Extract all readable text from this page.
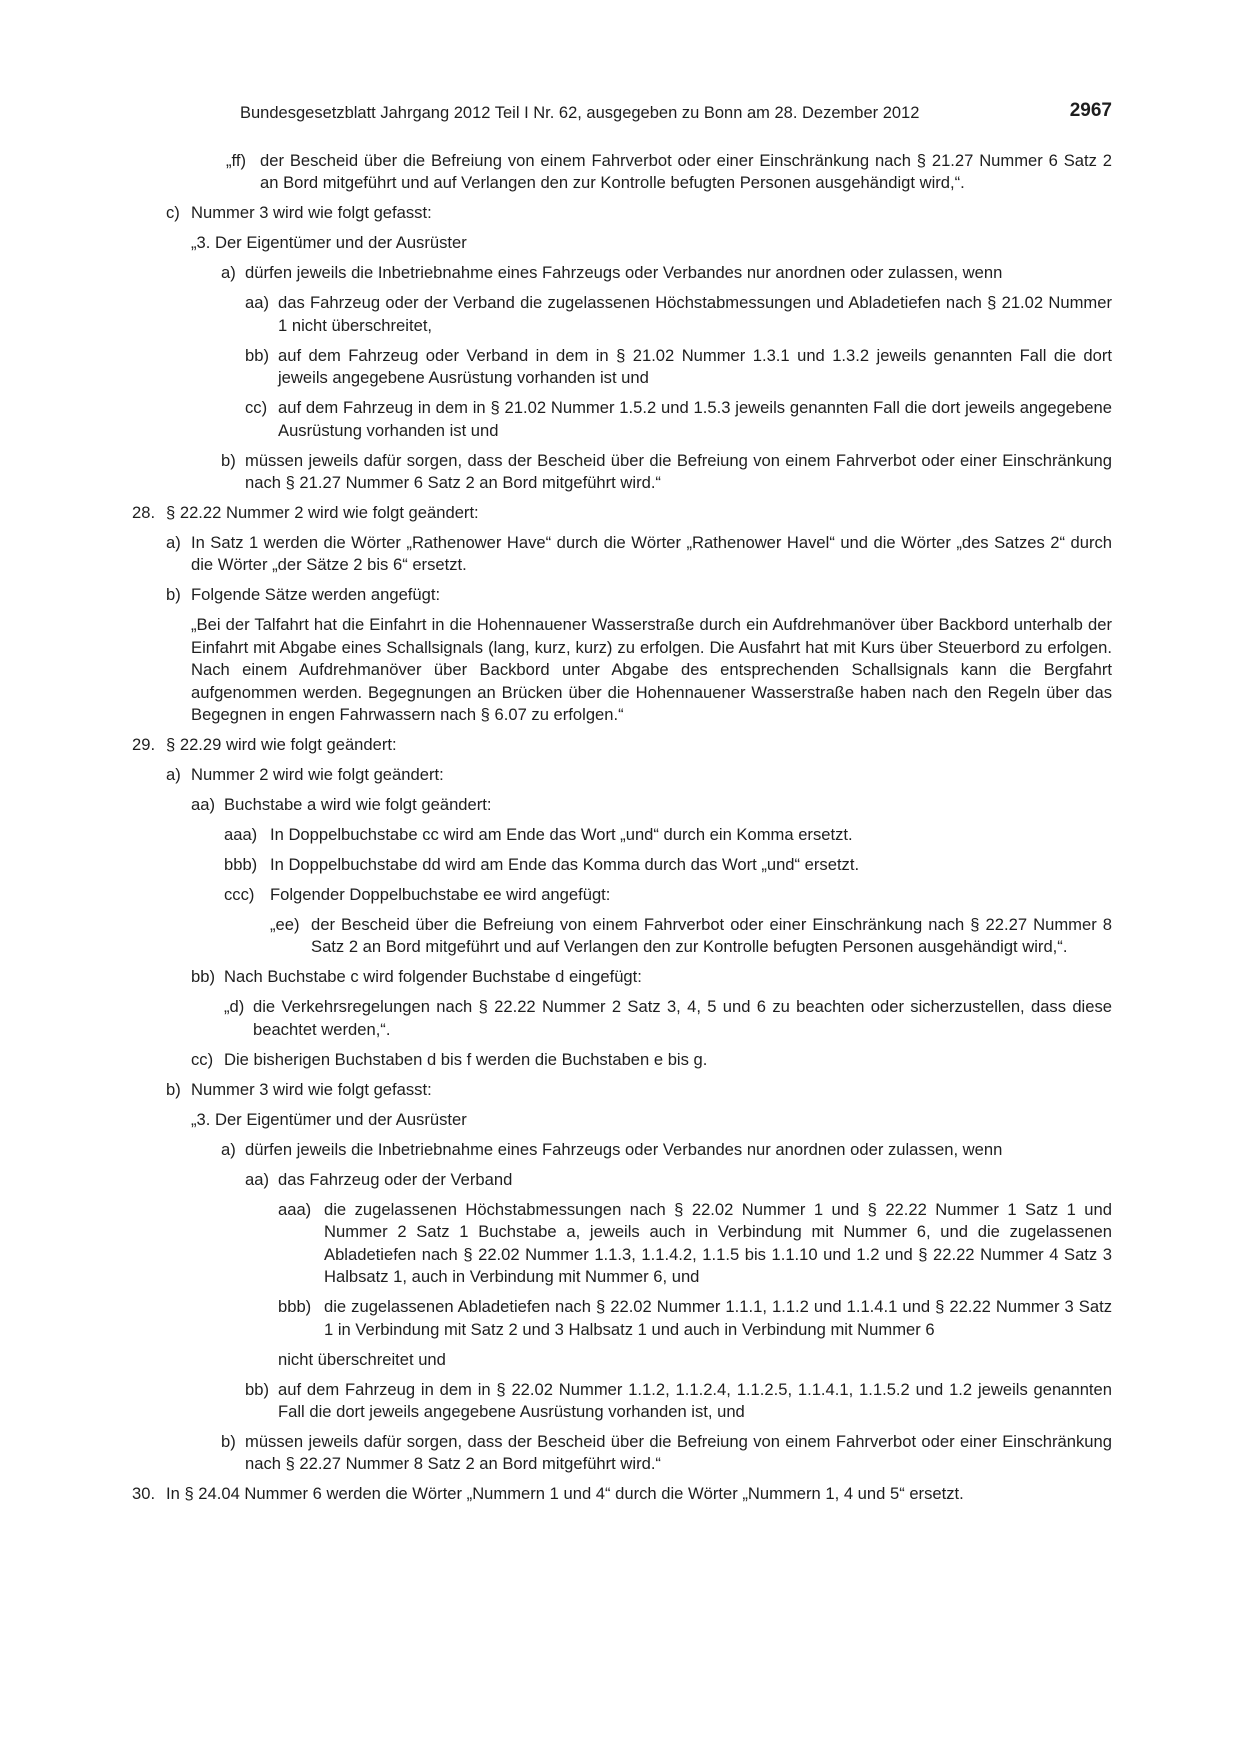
Bundesgesetzblatt Jahrgang 2012 Teil I Nr. 62, ausgegeben zu Bonn am 28. Dezember 2012	2967
„ff) der Bescheid über die Befreiung von einem Fahrverbot oder einer Einschränkung nach § 21.27 Nummer 6 Satz 2 an Bord mitgeführt und auf Verlangen den zur Kontrolle befugten Personen ausgehändigt wird,“.
c) Nummer 3 wird wie folgt gefasst:
„3. Der Eigentümer und der Ausrüster
a) dürfen jeweils die Inbetriebnahme eines Fahrzeugs oder Verbandes nur anordnen oder zulassen, wenn
aa) das Fahrzeug oder der Verband die zugelassenen Höchstabmessungen und Abladetiefen nach § 21.02 Nummer 1 nicht überschreitet,
bb) auf dem Fahrzeug oder Verband in dem in § 21.02 Nummer 1.3.1 und 1.3.2 jeweils genannten Fall die dort jeweils angegebene Ausrüstung vorhanden ist und
cc) auf dem Fahrzeug in dem in § 21.02 Nummer 1.5.2 und 1.5.3 jeweils genannten Fall die dort jeweils angegebene Ausrüstung vorhanden ist und
b) müssen jeweils dafür sorgen, dass der Bescheid über die Befreiung von einem Fahrverbot oder einer Einschränkung nach § 21.27 Nummer 6 Satz 2 an Bord mitgeführt wird.“
28. § 22.22 Nummer 2 wird wie folgt geändert:
a) In Satz 1 werden die Wörter „Rathenower Have“ durch die Wörter „Rathenower Havel“ und die Wörter „des Satzes 2“ durch die Wörter „der Sätze 2 bis 6“ ersetzt.
b) Folgende Sätze werden angefügt:
„Bei der Talfahrt hat die Einfahrt in die Hohennauener Wasserstraße durch ein Aufdrehmanöver über Backbord unterhalb der Einfahrt mit Abgabe eines Schallsignals (lang, kurz, kurz) zu erfolgen. Die Ausfahrt hat mit Kurs über Steuerbord zu erfolgen. Nach einem Aufdrehmanöver über Backbord unter Abgabe des entsprechenden Schallsignals kann die Bergfahrt aufgenommen werden. Begegnungen an Brücken über die Hohennauener Wasserstraße haben nach den Regeln über das Begegnen in engen Fahrwassern nach § 6.07 zu erfolgen.“
29. § 22.29 wird wie folgt geändert:
a) Nummer 2 wird wie folgt geändert:
aa) Buchstabe a wird wie folgt geändert:
aaa) In Doppelbuchstabe cc wird am Ende das Wort „und“ durch ein Komma ersetzt.
bbb) In Doppelbuchstabe dd wird am Ende das Komma durch das Wort „und“ ersetzt.
ccc) Folgender Doppelbuchstabe ee wird angefügt:
„ee) der Bescheid über die Befreiung von einem Fahrverbot oder einer Einschränkung nach § 22.27 Nummer 8 Satz 2 an Bord mitgeführt und auf Verlangen den zur Kontrolle befugten Personen ausgehändigt wird,“.
bb) Nach Buchstabe c wird folgender Buchstabe d eingefügt:
„d) die Verkehrsregelungen nach § 22.22 Nummer 2 Satz 3, 4, 5 und 6 zu beachten oder sicherzustellen, dass diese beachtet werden,“.
cc) Die bisherigen Buchstaben d bis f werden die Buchstaben e bis g.
b) Nummer 3 wird wie folgt gefasst:
„3. Der Eigentümer und der Ausrüster
a) dürfen jeweils die Inbetriebnahme eines Fahrzeugs oder Verbandes nur anordnen oder zulassen, wenn
aa) das Fahrzeug oder der Verband
aaa) die zugelassenen Höchstabmessungen nach § 22.02 Nummer 1 und § 22.22 Nummer 1 Satz 1 und Nummer 2 Satz 1 Buchstabe a, jeweils auch in Verbindung mit Nummer 6, und die zugelassenen Abladetiefen nach § 22.02 Nummer 1.1.3, 1.1.4.2, 1.1.5 bis 1.1.10 und 1.2 und § 22.22 Nummer 4 Satz 3 Halbsatz 1, auch in Verbindung mit Nummer 6, und
bbb) die zugelassenen Abladetiefen nach § 22.02 Nummer 1.1.1, 1.1.2 und 1.1.4.1 und § 22.22 Nummer 3 Satz 1 in Verbindung mit Satz 2 und 3 Halbsatz 1 und auch in Verbindung mit Nummer 6
nicht überschreitet und
bb) auf dem Fahrzeug in dem in § 22.02 Nummer 1.1.2, 1.1.2.4, 1.1.2.5, 1.1.4.1, 1.1.5.2 und 1.2 jeweils genannten Fall die dort jeweils angegebene Ausrüstung vorhanden ist, und
b) müssen jeweils dafür sorgen, dass der Bescheid über die Befreiung von einem Fahrverbot oder einer Einschränkung nach § 22.27 Nummer 8 Satz 2 an Bord mitgeführt wird.“
30. In § 24.04 Nummer 6 werden die Wörter „Nummern 1 und 4“ durch die Wörter „Nummern 1, 4 und 5“ ersetzt.
